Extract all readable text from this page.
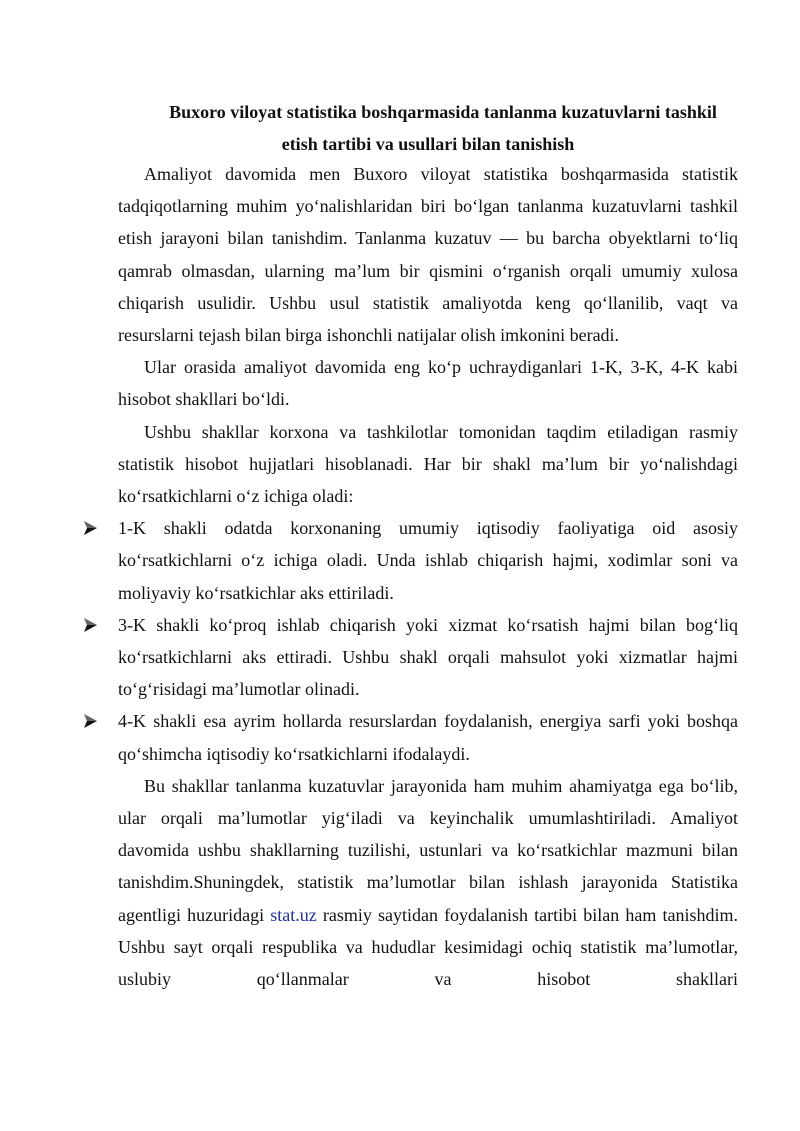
Buxoro viloyat statistika boshqarmasida tanlanma kuzatuvlarni tashkil
etish tartibi va usullari bilan tanishish

Amaliyot davomida men Buxoro viloyat statistika boshqarmasida statistik tadqiqotlarning muhim yo‘nalishlaridan biri bo‘lgan tanlanma kuzatuvlarni tashkil etish jarayoni bilan tanishdim. Tanlanma kuzatuv — bu barcha obyektlarni to‘liq qamrab olmasdan, ularning ma’lum bir qismini o‘rganish orqali umumiy xulosa chiqarish usulidir. Ushbu usul statistik amaliyotda keng qo‘llanilib, vaqt va resurslarni tejash bilan birga ishonchli natijalar olish imkonini beradi.

Ular orasida amaliyot davomida eng ko‘p uchraydiganlari 1-K, 3-K, 4-K kabi hisobot shakllari bo‘ldi.

Ushbu shakllar korxona va tashkilotlar tomonidan taqdim etiladigan rasmiy statistik hisobot hujjatlari hisoblanadi. Har bir shakl ma’lum bir yo‘nalishdagi ko‘rsatkichlarni o‘z ichiga oladi:

1-K shakli odatda korxonaning umumiy iqtisodiy faoliyatiga oid asosiy ko‘rsatkichlarni o‘z ichiga oladi. Unda ishlab chiqarish hajmi, xodimlar soni va moliyaviy ko‘rsatkichlar aks ettiriladi.
3-K shakli ko‘proq ishlab chiqarish yoki xizmat ko‘rsatish hajmi bilan bog‘liq ko‘rsatkichlarni aks ettiradi. Ushbu shakl orqali mahsulot yoki xizmatlar hajmi to‘g‘risidagi ma’lumotlar olinadi.
4-K shakli esa ayrim hollarda resurslardan foydalanish, energiya sarfi yoki boshqa qo‘shimcha iqtisodiy ko‘rsatkichlarni ifodalaydi.

Bu shakllar tanlanma kuzatuvlar jarayonida ham muhim ahamiyatga ega bo‘lib, ular orqali ma’lumotlar yig‘iladi va keyinchalik umumlashtiriladi. Amaliyot davomida ushbu shakllarning tuzilishi, ustunlari va ko‘rsatkichlar mazmuni bilan tanishdim.Shuningdek, statistik ma’lumotlar bilan ishlash jarayonida Statistika agentligi huzuridagi stat.uz rasmiy saytidan foydalanish tartibi bilan ham tanishdim. Ushbu sayt orqali respublika va hududlar kesimidagi ochiq statistik ma’lumotlar, uslubiy qo‘llanmalar va hisobot shakllari
